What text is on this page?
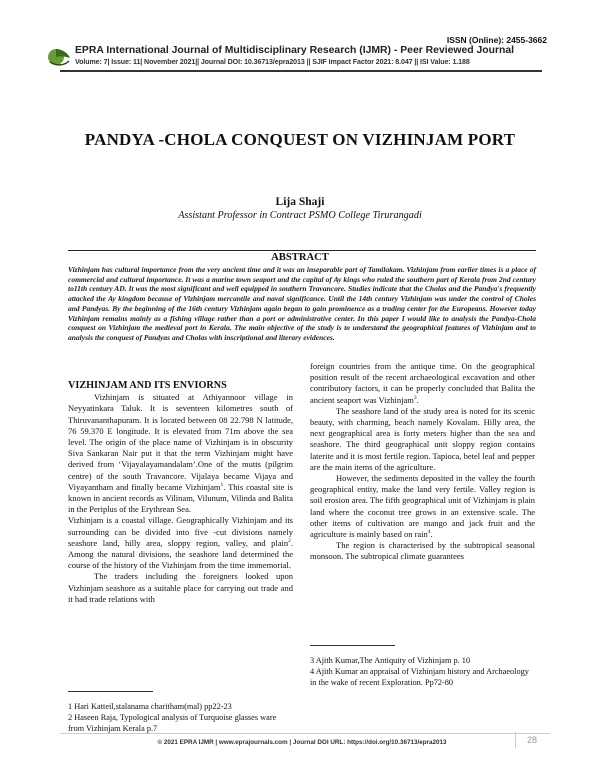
ISSN (Online): 2455-3662
EPRA International Journal of Multidisciplinary Research (IJMR) - Peer Reviewed Journal
Volume: 7| Issue: 11| November 2021|| Journal DOI: 10.36713/epra2013 || SJIF Impact Factor 2021: 8.047 || ISI Value: 1.188
PANDYA -CHOLA CONQUEST ON VIZHINJAM PORT
Lija Shaji
Assistant Professor in Contract PSMO College Tirurangadi
ABSTRACT
Vizhinjam has cultural importance from the very ancient time and it was an inseparable part of Tamilakam. Vizhinjam from earlier times is a place of commercial and cultural importance. It was a marine town seaport and the capital of Ay kings who ruled the southern part of Kerala from 2nd century to11th century AD. It was the most significant and well equipped in southern Travancore. Studies indicate that the Cholas and the Pandya's frequently attacked the Ay kingdom because of Vizhinjam mercantile and naval significance. Until the 14th century Vizhinjam was under the control of Choles and Pandyas. By the beginning of the 16th century Vizhinjam again began to gain prominence as a trading center for the Europeans. However today Vizhinjam remains mainly as a fishing village rather than a port or administrative center. In this paper I would like to analysis the Pandya-Chola conquest on Vizhinjam the medieval port in Kerala. The main objective of the study is to understand the geographical features of Vizhinjam and to analysis the conquest of Pandyas and Cholas with inscriptional and literary evidences.
VIZHINJAM AND ITS ENVIORNS

Vizhinjam is situated at Athiyannoor village in Neyyatinkara Taluk. It is seventeen kilometres south of Thiruvananthapuram. It is located between 08 22.798 N latitude, 76 59.370 E longitude. It is elevated from 71m above the sea level. The origin of the place name of Vizhinjam is in obscurity Siva Sankaran Nair put it that the term Vizhinjam might have derived from ‘Vijayalayamandalam’.One of the mutts (pilgrim centre) of the south Travancore. Vijalaya became Vijaya and Viyayantham and finally became Vizhinjam$^1$. This coastal site is known in ancient records as Vilinam, Vilunum, Vilinda and Balita in the Periplus of the Erythrean Sea.

Vizhinjam is a coastal village. Geographically Vizhinjam and its surrounding can be divided into five -cut divisions namely seashore land, hilly area, sloppy region, valley, and plain$^2$. Among the natural divisions, the seashore land determined the course of the history of the Vizhinjam from the time immemorial.

The traders including the foreigners looked upon Vizhinjam seashore as a suitable place for carrying out trade and it had trade relations with

foreign countries from the antique time. On the geographical position result of the recent archaeological excavation and other contributory factors, it can be properly concluded that Balita the ancient seaport was Vizhinjam$^3$.

The seashore land of the study area is noted for its scenic beauty, with charming, beach namely Kovalam. Hilly area, the next geographical area is forty meters higher than the sea and seashore. The third geographical unit sloppy region contains laterite and it is most fertile region. Tapioca, betel leaf and pepper are the main items of the agriculture.

However, the sediments deposited in the valley the fourth geographical entity, make the land very fertile. Valley region is soil erosion area. The fifth geographical unit of Vizhinjam is plain land where the coconut tree grows in an extensive scale. The other items of cultivation are mango and jack fruit and the agriculture is mainly based on rain$^4$.

The region is characterised by the subtropical seasonal monsoon. The subtropical climate guarantees

1 Hari Katteil,stalanama charitham(mal) pp22-23

2 Haseen Raja, Typological analysis of Turquoise glasses ware from Vizhinjam Kerala p.7

3 Ajith Kumar,The Antiquity of Vizhinjam p. 10

4 Ajith Kumar an appraisal of Vizhinjam history and Archaeology in the wake of recent Exploration. Pp72-80

© 2021 EPRA IJMR | www.eprajournals.com | Journal DOI URL: https://doi.org/10.36713/epra2013	28
